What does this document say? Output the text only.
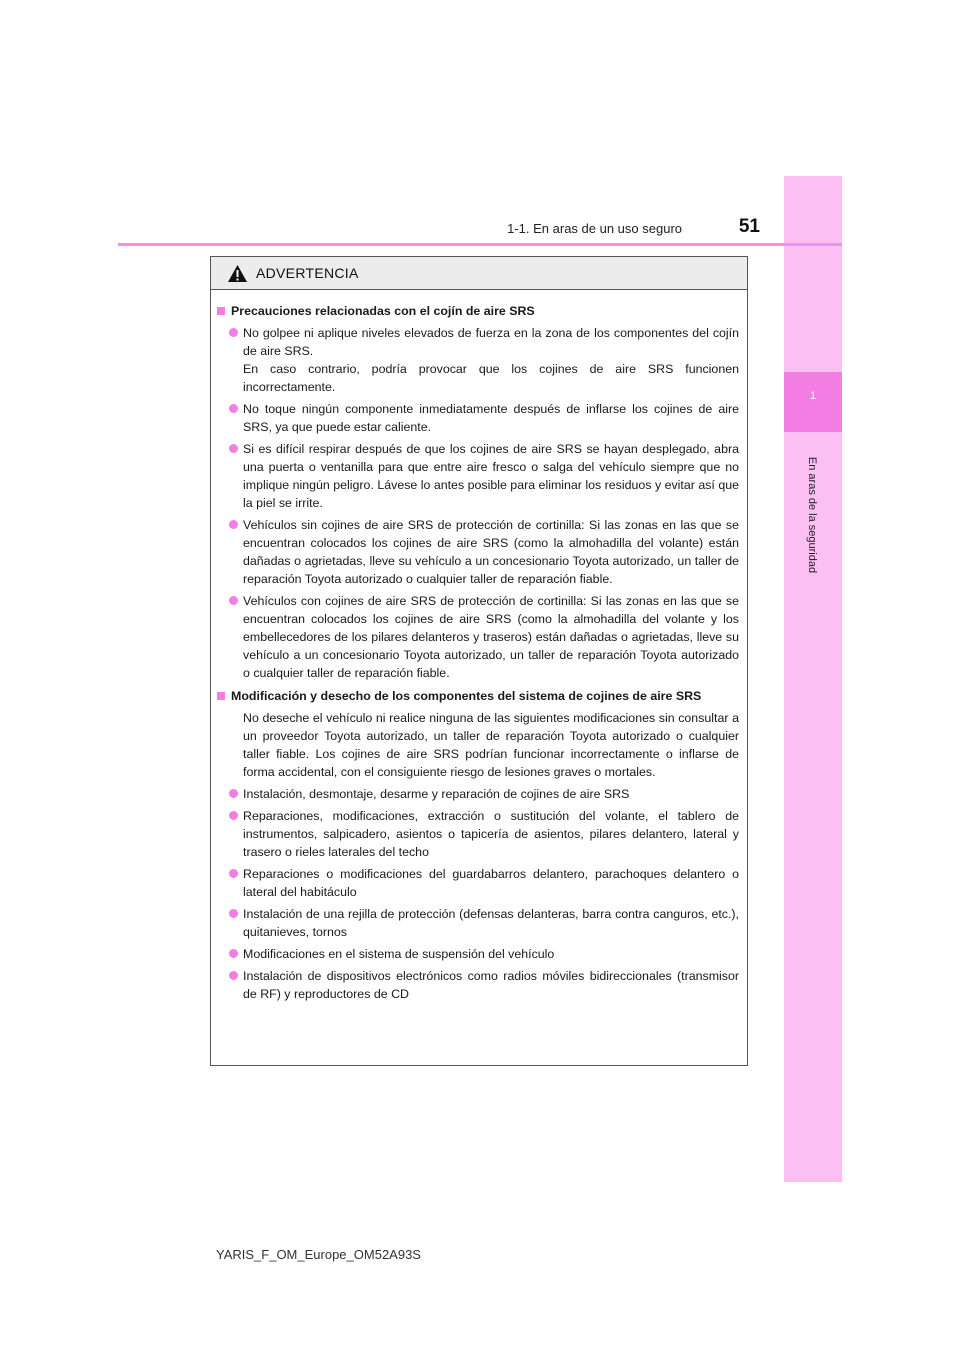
1
En aras de la seguridad
1-1. En aras de un uso seguro	51
ADVERTENCIA
Precauciones relacionadas con el cojín de aire SRS
No golpee ni aplique niveles elevados de fuerza en la zona de los componentes del cojín de aire SRS.
En caso contrario, podría provocar que los cojines de aire SRS funcionen incorrectamente.
No toque ningún componente inmediatamente después de inflarse los cojines de aire SRS, ya que puede estar caliente.
Si es difícil respirar después de que los cojines de aire SRS se hayan desplegado, abra una puerta o ventanilla para que entre aire fresco o salga del vehículo siempre que no implique ningún peligro. Lávese lo antes posible para eliminar los residuos y evitar así que la piel se irrite.
Vehículos sin cojines de aire SRS de protección de cortinilla: Si las zonas en las que se encuentran colocados los cojines de aire SRS (como la almohadilla del volante) están dañadas o agrietadas, lleve su vehículo a un concesionario Toyota autorizado, un taller de reparación Toyota autorizado o cualquier taller de reparación fiable.
Vehículos con cojines de aire SRS de protección de cortinilla: Si las zonas en las que se encuentran colocados los cojines de aire SRS (como la almohadilla del volante y los embellecedores de los pilares delanteros y traseros) están dañadas o agrietadas, lleve su vehículo a un concesionario Toyota autorizado, un taller de reparación Toyota autorizado o cualquier taller de reparación fiable.
Modificación y desecho de los componentes del sistema de cojines de aire SRS
No deseche el vehículo ni realice ninguna de las siguientes modificaciones sin consultar a un proveedor Toyota autorizado, un taller de reparación Toyota autorizado o cualquier taller fiable. Los cojines de aire SRS podrían funcionar incorrectamente o inflarse de forma accidental, con el consiguiente riesgo de lesiones graves o mortales.
Instalación, desmontaje, desarme y reparación de cojines de aire SRS
Reparaciones, modificaciones, extracción o sustitución del volante, el tablero de instrumentos, salpicadero, asientos o tapicería de asientos, pilares delantero, lateral y trasero o rieles laterales del techo
Reparaciones o modificaciones del guardabarros delantero, parachoques delantero o lateral del habitáculo
Instalación de una rejilla de protección (defensas delanteras, barra contra canguros, etc.), quitanieves, tornos
Modificaciones en el sistema de suspensión del vehículo
Instalación de dispositivos electrónicos como radios móviles bidireccionales (transmisor de RF) y reproductores de CD
YARIS_F_OM_Europe_OM52A93S
